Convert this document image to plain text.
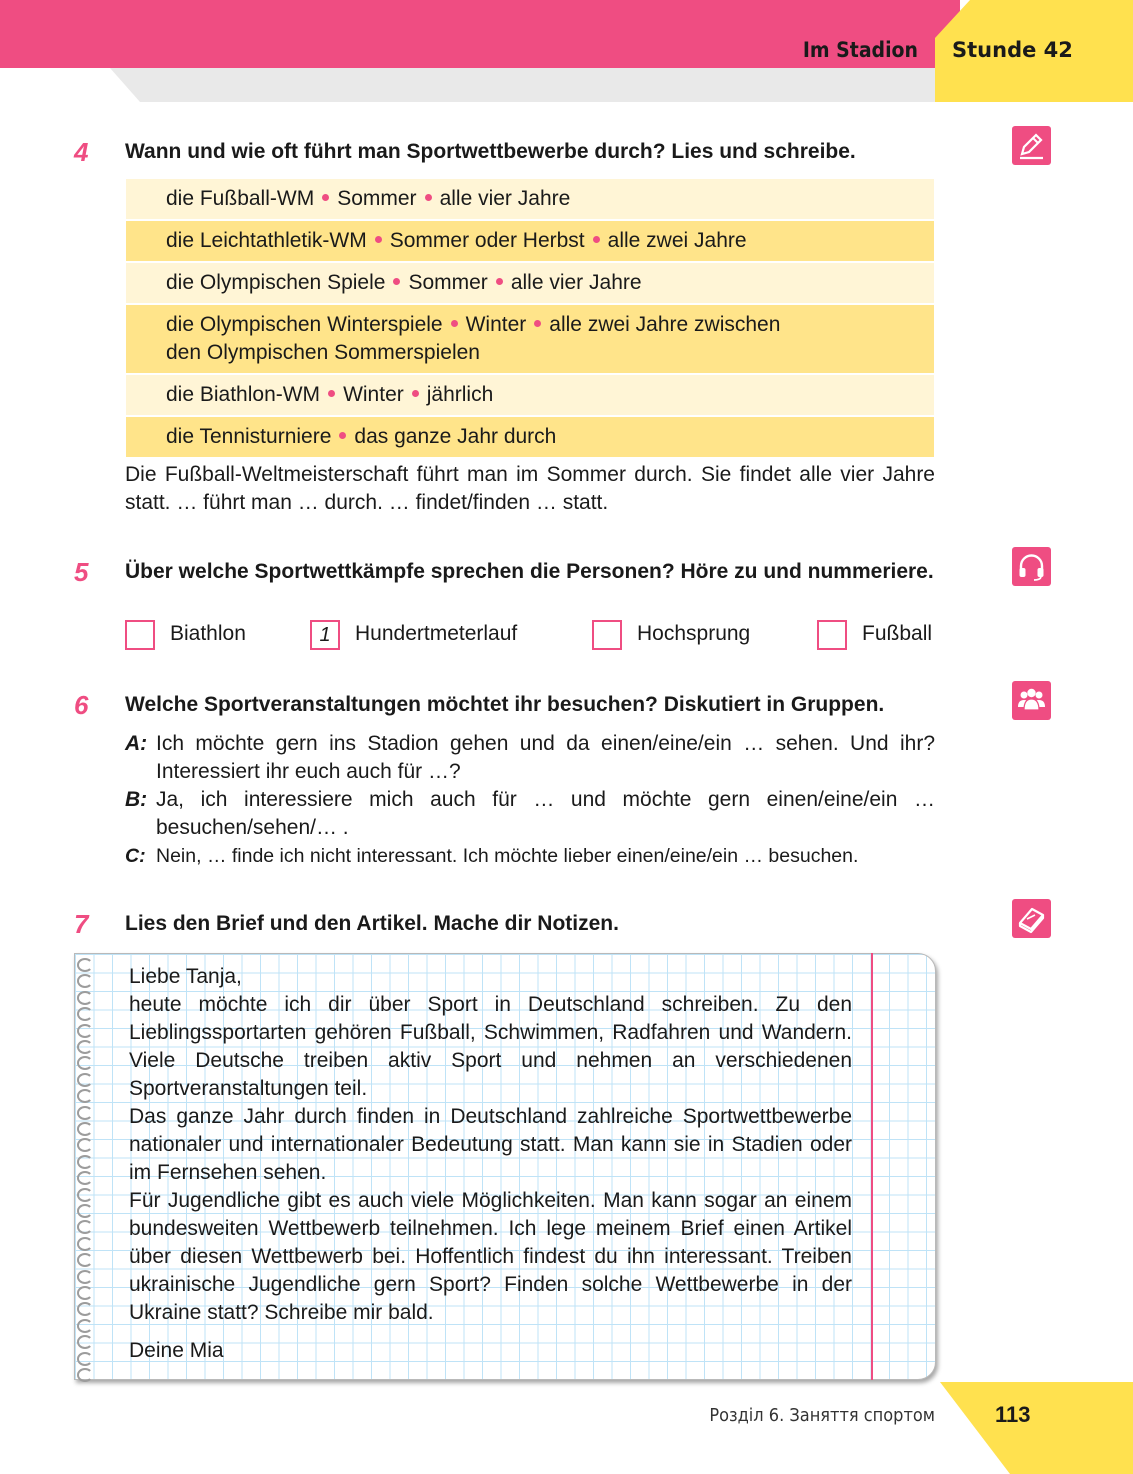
Im Stadion Stunde 42
4 Wann und wie oft führt man Sportwettbewerbe durch? Lies und schreibe.
die Fußball-WM Sommer alle vier Jahre
die Leichtathletik-WM Sommer oder Herbst alle zwei Jahre
die Olympischen Spiele Sommer alle vier Jahre
die Olympischen Winterspiele Winter alle zwei Jahre zwischen
den Olympischen Sommerspielen
die Biathlon-WM Winter jährlich
die Tennisturniere das ganze Jahr durch
Die Fußball-Weltmeisterschaft führt man im Sommer durch. Sie findet alle vier Jahre statt. … führt man … durch. … findet/finden … statt.
5 Über welche Sportwettkämpfe sprechen die Personen? Höre zu und nummeriere.
Biathlon	1	Hundertmeterlauf	Hochsprung	Fußball
6 Welche Sportveranstaltungen möchtet ihr besuchen? Diskutiert in Gruppen.
A: Ich möchte gern ins Stadion gehen und da einen/eine/ein … sehen. Und ihr? Interessiert ihr euch auch für …?
B: Ja, ich interessiere mich auch für … und möchte gern einen/eine/ein … besuchen/sehen/… .
C: Nein, … finde ich nicht interessant. Ich möchte lieber einen/eine/ein … besuchen.
7 Lies den Brief und den Artikel. Mache dir Notizen.

Liebe Tanja,

heute möchte ich dir über Sport in Deutschland schreiben. Zu den Lieblingssportarten gehören Fußball, Schwimmen, Radfahren und Wandern. Viele Deutsche treiben aktiv Sport und nehmen an verschiedenen Sportveranstaltungen teil.

Das ganze Jahr durch finden in Deutschland zahlreiche Sportwettbewerbe nationaler und internationaler Bedeutung statt. Man kann sie in Stadien oder im Fernsehen sehen.

Für Jugendliche gibt es auch viele Möglichkeiten. Man kann sogar an einem bundesweiten Wettbewerb teilnehmen. Ich lege meinem Brief einen Artikel über diesen Wettbewerb bei. Hoffentlich findest du ihn interessant. Treiben ukrainische Jugendliche gern Sport? Finden solche Wettbewerbe in der Ukraine statt? Schreibe mir bald.

Deine Mia

Розділ 6. Заняття спортом	113
